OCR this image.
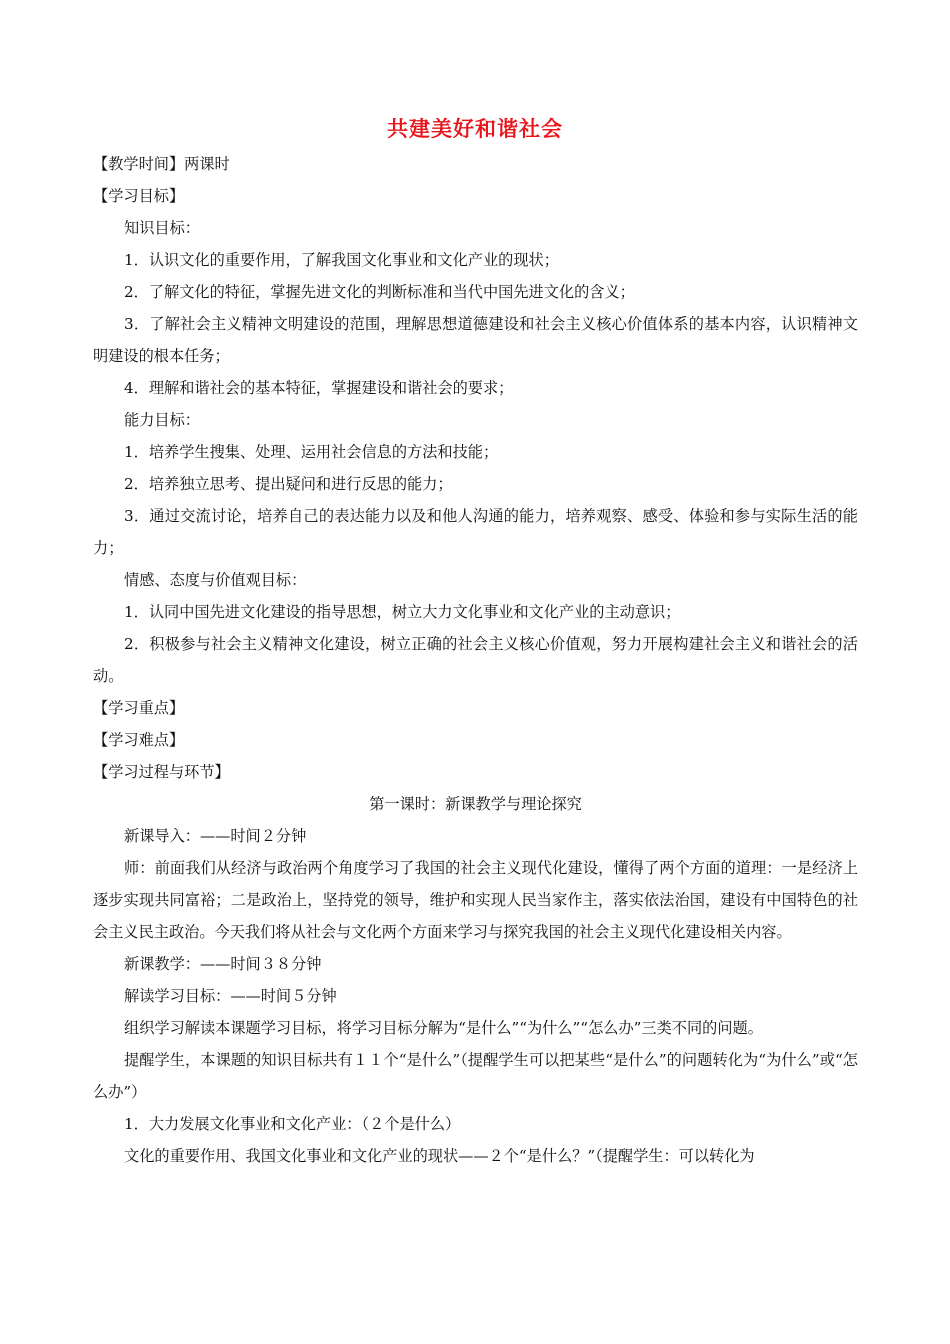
共建美好和谐社会
【教学时间】两课时
【学习目标】
知识目标：
1．认识文化的重要作用，了解我国文化事业和文化产业的现状；
2．了解文化的特征，掌握先进文化的判断标准和当代中国先进文化的含义；
3．了解社会主义精神文明建设的范围，理解思想道德建设和社会主义核心价值体系的基本内容，认识精神文明建设的根本任务；
4．理解和谐社会的基本特征，掌握建设和谐社会的要求；
能力目标：
1．培养学生搜集、处理、运用社会信息的方法和技能；
2．培养独立思考、提出疑问和进行反思的能力；
3．通过交流讨论，培养自己的表达能力以及和他人沟通的能力，培养观察、感受、体验和参与实际生活的能力；
情感、态度与价值观目标：
1．认同中国先进文化建设的指导思想，树立大力文化事业和文化产业的主动意识；
2．积极参与社会主义精神文化建设，树立正确的社会主义核心价值观，努力开展构建社会主义和谐社会的活动。
【学习重点】
【学习难点】
【学习过程与环节】
第一课时：新课教学与理论探究
新课导入：——时间２分钟
师：前面我们从经济与政治两个角度学习了我国的社会主义现代化建设，懂得了两个方面的道理：一是经济上逐步实现共同富裕；二是政治上，坚持党的领导，维护和实现人民当家作主，落实依法治国，建设有中国特色的社会主义民主政治。今天我们将从社会与文化两个方面来学习与探究我国的社会主义现代化建设相关内容。
新课教学：——时间３８分钟
解读学习目标：——时间５分钟
组织学习解读本课题学习目标，将学习目标分解为“是什么”“为什么”“怎么办”三类不同的问题。
提醒学生，本课题的知识目标共有１１个“是什么”（提醒学生可以把某些“是什么”的问题转化为“为什么”或“怎么办”）
1．大力发展文化事业和文化产业：（２个是什么）
文化的重要作用、我国文化事业和文化产业的现状——２个“是什么？”（提醒学生：可以转化为
